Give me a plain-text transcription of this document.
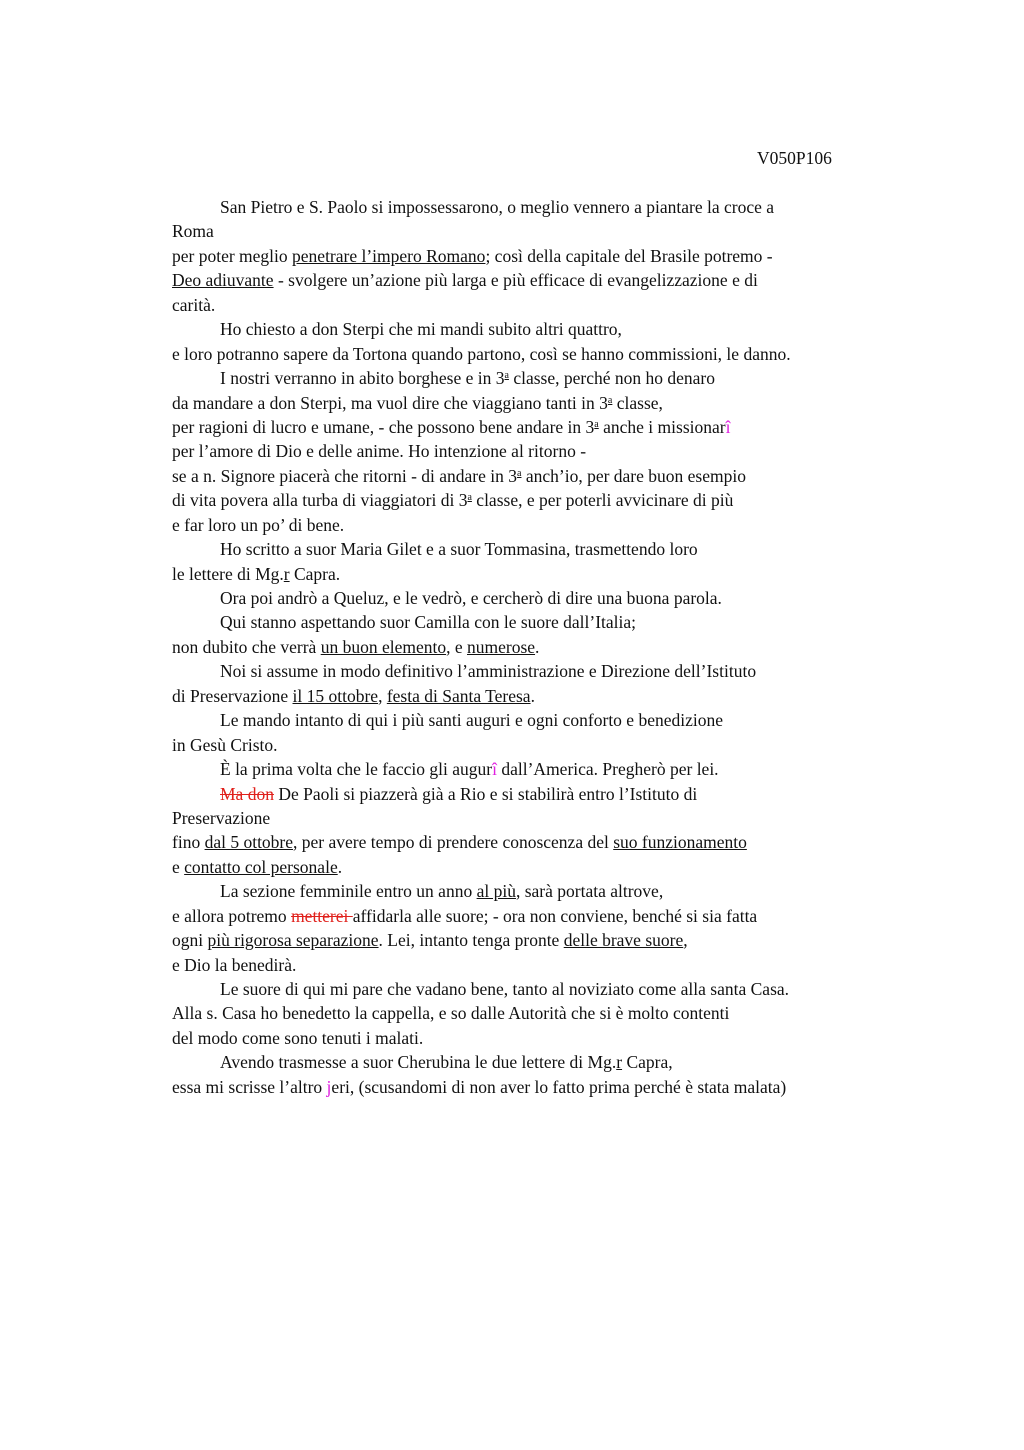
V050P106
San Pietro e S. Paolo si impossessarono, o meglio vennero a piantare la croce a
Roma
per poter meglio penetrare l’impero Romano; così della capitale del Brasile potremo -
Deo adiuvante - svolgere un’azione più larga e più efficace di evangelizzazione e di
carità.
Ho chiesto a don Sterpi che mi mandi subito altri quattro,
e loro potranno sapere da Tortona quando partono, così se hanno commissioni, le danno.
I nostri verranno in abito borghese e in 3$^a$ classe, perché non ho denaro
da mandare a don Sterpi, ma vuol dire che viaggiano tanti in 3$^a$ classe,
per ragioni di lucro e umane, - che possono bene andare in 3$^a$ anche i missionarî
per l’amore di Dio e delle anime. Ho intenzione al ritorno -
se a n. Signore piacerà che ritorni - di andare in 3$^a$ anch’io, per dare buon esempio
di vita povera alla turba di viaggiatori di 3$^a$ classe, e per poterli avvicinare di più
e far loro un po’ di bene.
Ho scritto a suor Maria Gilet e a suor Tommasina, trasmettendo loro
le lettere di Mg.r Capra.
Ora poi andrò a Queluz, e le vedrò, e cercherò di dire una buona parola.
Qui stanno aspettando suor Camilla con le suore dall’Italia;
non dubito che verrà un buon elemento, e numerose.
Noi si assume in modo definitivo l’amministrazione e Direzione dell’Istituto
di Preservazione il 15 ottobre, festa di Santa Teresa.
Le mando intanto di qui i più santi auguri e ogni conforto e benedizione
in Gesù Cristo.
È la prima volta che le faccio gli augurî dall’America. Pregherò per lei.
Ma don De Paoli si piazzerà già a Rio e si stabilirà entro l’Istituto di
Preservazione
fino dal 5 ottobre, per avere tempo di prendere conoscenza del suo funzionamento
e contatto col personale.
La sezione femminile entro un anno al più, sarà portata altrove,
e allora potremo metterei affidarla alle suore; - ora non conviene, benché si sia fatta
ogni più rigorosa separazione. Lei, intanto tenga pronte delle brave suore,
e Dio la benedirà.
Le suore di qui mi pare che vadano bene, tanto al noviziato come alla santa Casa.
Alla s. Casa ho benedetto la cappella, e so dalle Autorità che si è molto contenti
del modo come sono tenuti i malati.
Avendo trasmesse a suor Cherubina le due lettere di Mg.r Capra,
essa mi scrisse l’altro jeri, (scusandomi di non aver lo fatto prima perché è stata malata)
